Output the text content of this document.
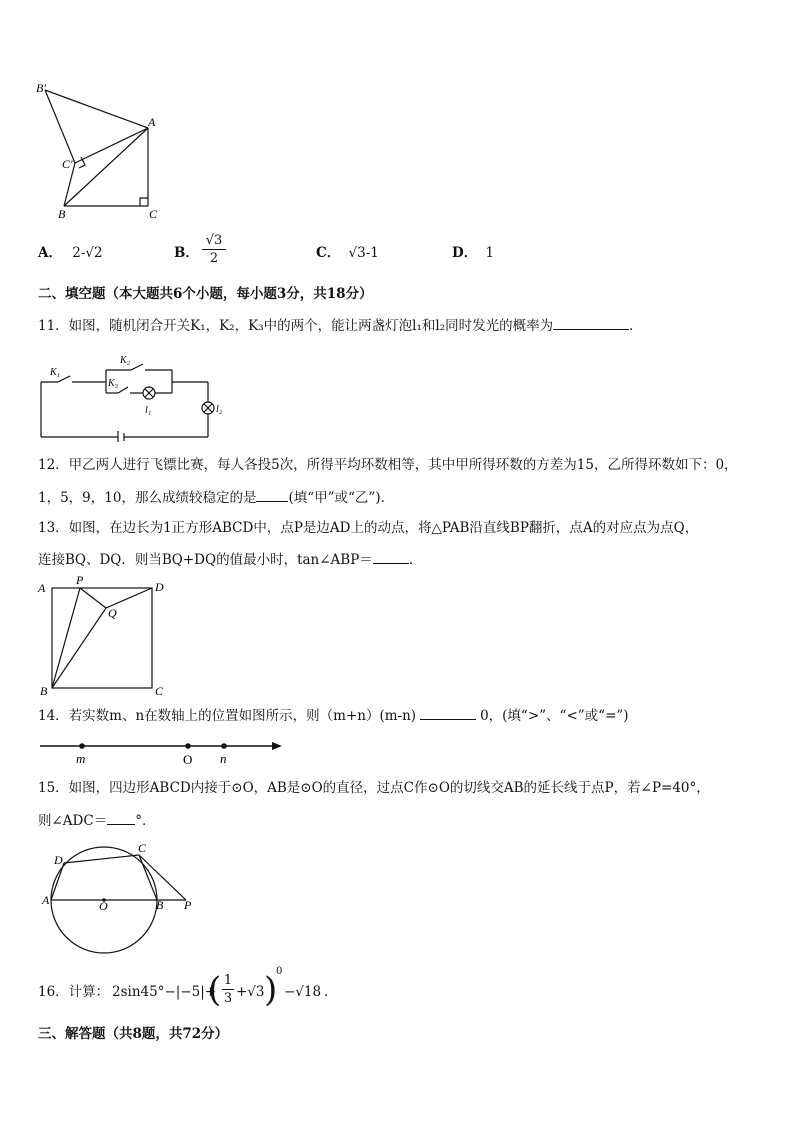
B′
A
C′
B	C
A． 2-√2	B． $\frac{√3}{2}$	C． √3-1	D． 1
二、填空题（本大题共6个小题，每小题3分，共18分）
11．如图，随机闭合开关K₁，K₂，K₃中的两个，能让两盏灯泡l₁和l₂同时发光的概率为	．
K₁
K₂
K₃
l₁	l₂
12．甲乙两人进行飞镖比赛，每人各投5次，所得平均环数相等，其中甲所得环数的方差为15，乙所得环数如下：0，
1，5，9，10，那么成绩较稳定的是 (填“甲”或“乙”)．
13．如图，在边长为1正方形ABCD中，点P是边AD上的动点，将△PAB沿直线BP翻折，点A的对应点为点Q，
连接BQ、DQ．则当BQ+DQ的值最小时，tan∠ABP＝	．
A
P	D
Q
B	C
14．若实数m、n在数轴上的位置如图所示，则（m+n）(m-n)	0，(填“>”、“<”或“=”)
m	O n
15．如图，四边形ABCD内接于⊙O，AB是⊙O的直径，过点C作⊙O的切线交AB的延长线于点P，若∠P=40°，
则∠ADC＝ °．
D
C
A	O	B P
16．计算： 2sin45°−|−5|+
( $\frac{1}{3} +√3$ )
0
−√18 ．
三、解答题（共8题，共72分）
